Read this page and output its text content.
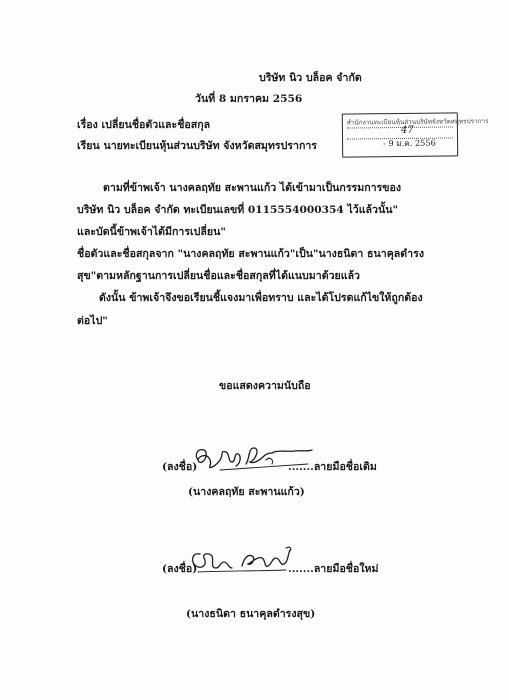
บริษัท นิว บล็อค จำกัด
วันที่ 8 มกราคม 2556
เรื่อง เปลี่ยนชื่อตัวและชื่อสกุล
เรียน นายทะเบียนหุ้นส่วนบริษัท จังหวัดสมุทรปราการ
สำนักงานทะเบียนหุ้นส่วนบริษัทจังหวัดสมุทรปราการ
47
- 9 ม.ค. 2556
ตามที่ข้าพเจ้า นางคลฤทัย สะพานแก้ว ได้เข้ามาเป็นกรรมการของ
บริษัท นิว บล็อค จำกัด ทะเบียนเลขที่ 0115554000354 ไว้แล้วนั้น"
และบัดนี้ข้าพเจ้าได้มีการเปลี่ยน"
ชื่อตัวและชื่อสกุลจาก "นางคลฤทัย สะพานแก้ว"เป็น"นางธนิดา ธนาคุลดำรง
สุข"ตามหลักฐานการเปลี่ยนชื่อและชื่อสกุลที่ได้แนบมาด้วยแล้ว
ดังนั้น ข้าพเจ้าจึงขอเรียนชี้แจงมาเพื่อทราบ และได้โปรดแก้ไขให้ถูกต้อง
ต่อไป"
ขอแสดงความนับถือ
(ลงชื่อ)	.......ลายมือชื่อเดิม
(นางคลฤทัย สะพานแก้ว)
(ลงชื่อ)	.......ลายมือชื่อใหม่
(นางธนิดา ธนาคุลดำรงสุข)
